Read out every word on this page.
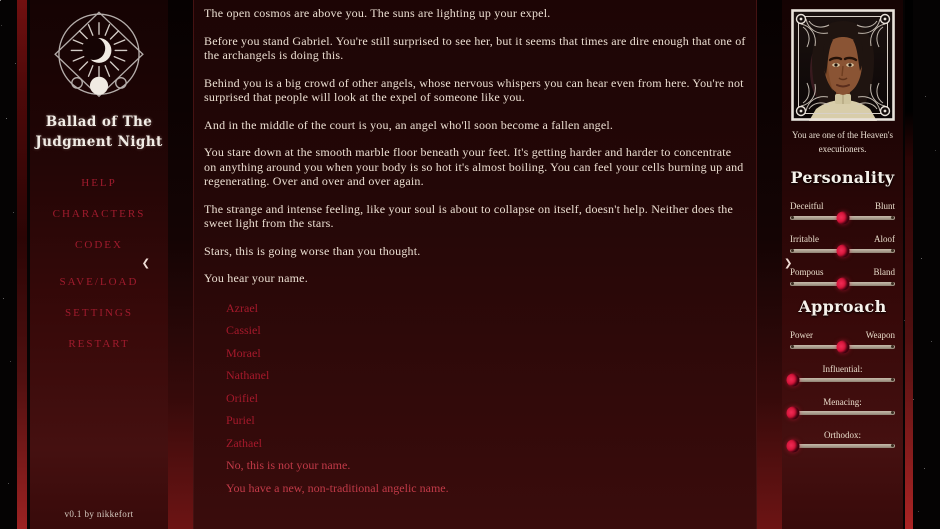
Ballad of The
Judgment Night
HELP
CHARACTERS
CODEX
SAVE/LOAD
SETTINGS
RESTART
❮
v0.1 by nikkefort

The open cosmos are above you. The suns are lighting up your expel.

Before you stand Gabriel. You're still surprised to see her, but it seems that times are dire enough that one of the archangels is doing this.

Behind you is a big crowd of other angels, whose nervous whispers you can hear even from here. You're not surprised that people will look at the expel of someone like you.

And in the middle of the court is you, an angel who'll soon become a fallen angel.

You stare down at the smooth marble floor beneath your feet. It's getting harder and harder to concentrate on anything around you when your body is so hot it's almost boiling. You can feel your cells burning up and regenerating. Over and over and over again.

The strange and intense feeling, like your soul is about to collapse on itself, doesn't help. Neither does the sweet light from the stars.

Stars, this is going worse than you thought.

You hear your name.

Azrael
Cassiel
Morael
Nathanel
Orifiel
Puriel
Zathael
No, this is not your name.
You have a new, non-traditional angelic name.
❯
You are one of the Heaven's executioners.
Personality
Deceitful	Blunt
Irritable	Aloof
Pompous	Bland
Approach
Power	Weapon
Influential:
Menacing:
Orthodox:
